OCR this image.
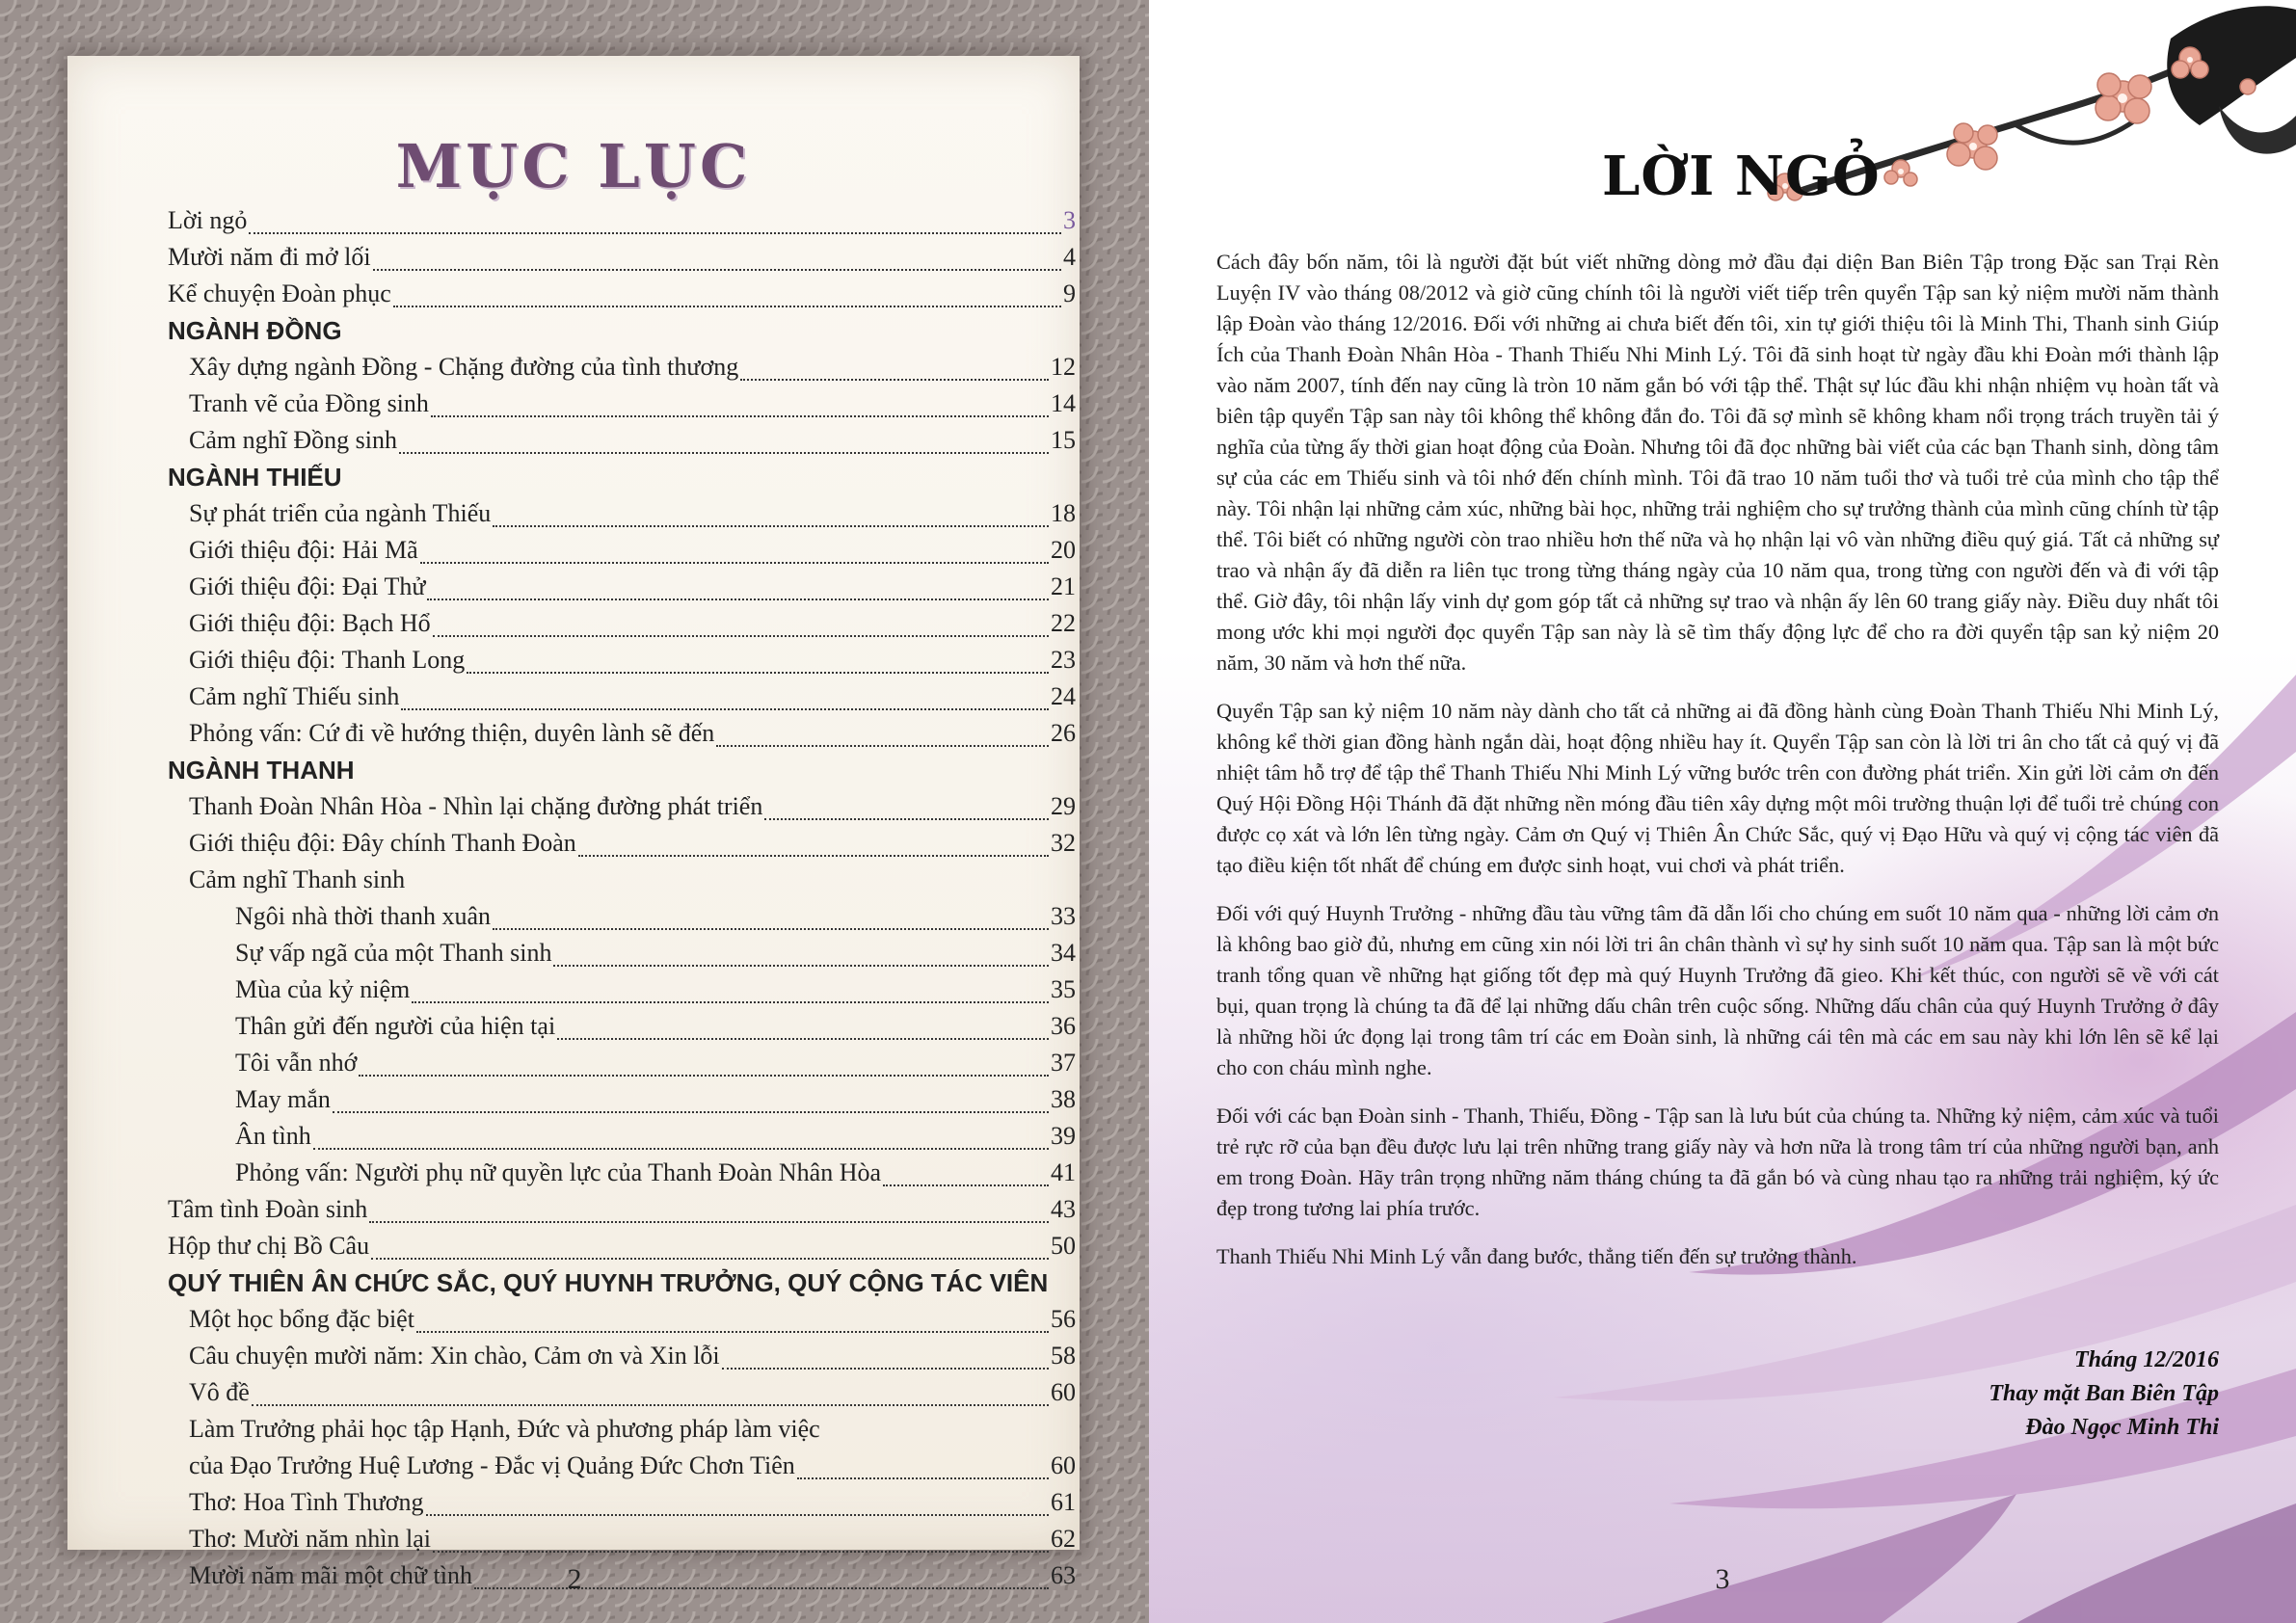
MỤC LỤC
Lời ngỏ	3
Mười năm đi mở lối	4
Kể chuyện Đoàn phục	9
NGÀNH ĐỒNG
Xây dựng ngành Đồng - Chặng đường của tình thương	12
Tranh vẽ của Đồng sinh	14
Cảm nghĩ Đồng sinh	15
NGÀNH THIẾU
Sự phát triển của ngành Thiếu	18
Giới thiệu đội: Hải Mã	20
Giới thiệu đội: Đại Thử	21
Giới thiệu đội: Bạch Hổ	22
Giới thiệu đội: Thanh Long	23
Cảm nghĩ Thiếu sinh	24
Phỏng vấn: Cứ đi về hướng thiện, duyên lành sẽ đến	26
NGÀNH THANH
Thanh Đoàn Nhân Hòa - Nhìn lại chặng đường phát triển	29
Giới thiệu đội: Đây chính Thanh Đoàn	32
Cảm nghĩ Thanh sinh
Ngôi nhà thời thanh xuân	33
Sự vấp ngã của một Thanh sinh	34
Mùa của kỷ niệm	35
Thân gửi đến người của hiện tại	36
Tôi vẫn nhớ	37
May mắn	38
Ân tình	39
Phỏng vấn: Người phụ nữ quyền lực của Thanh Đoàn Nhân Hòa	41
Tâm tình Đoàn sinh	43
Hộp thư chị Bồ Câu	50
QUÝ THIÊN ÂN CHỨC SẮC, QUÝ HUYNH TRƯỞNG, QUÝ CỘNG TÁC VIÊN
Một học bổng đặc biệt	56
Câu chuyện mười năm: Xin chào, Cảm ơn và Xin lỗi	58
Vô đề	60
Làm Trưởng phải học tập Hạnh, Đức và phương pháp làm việc
của Đạo Trưởng Huệ Lương - Đắc vị Quảng Đức Chơn Tiên	60
Thơ: Hoa Tình Thương	61
Thơ: Mười năm nhìn lại	62
Mười năm mãi một chữ tình	63
2
LỜI NGỎ

Cách đây bốn năm, tôi là người đặt bút viết những dòng mở đầu đại diện Ban Biên Tập trong Đặc san Trại Rèn Luyện IV vào tháng 08/2012 và giờ cũng chính tôi là người viết tiếp trên quyển Tập san kỷ niệm mười năm thành lập Đoàn vào tháng 12/2016. Đối với những ai chưa biết đến tôi, xin tự giới thiệu tôi là Minh Thi, Thanh sinh Giúp Ích của Thanh Đoàn Nhân Hòa - Thanh Thiếu Nhi Minh Lý. Tôi đã sinh hoạt từ ngày đầu khi Đoàn mới thành lập vào năm 2007, tính đến nay cũng là tròn 10 năm gắn bó với tập thể. Thật sự lúc đầu khi nhận nhiệm vụ hoàn tất và biên tập quyển Tập san này tôi không thể không đắn đo. Tôi đã sợ mình sẽ không kham nổi trọng trách truyền tải ý nghĩa của từng ấy thời gian hoạt động của Đoàn. Nhưng tôi đã đọc những bài viết của các bạn Thanh sinh, dòng tâm sự của các em Thiếu sinh và tôi nhớ đến chính mình. Tôi đã trao 10 năm tuổi thơ và tuổi trẻ của mình cho tập thể này. Tôi nhận lại những cảm xúc, những bài học, những trải nghiệm cho sự trưởng thành của mình cũng chính từ tập thể. Tôi biết có những người còn trao nhiều hơn thế nữa và họ nhận lại vô vàn những điều quý giá. Tất cả những sự trao và nhận ấy đã diễn ra liên tục trong từng tháng ngày của 10 năm qua, trong từng con người đến và đi với tập thể. Giờ đây, tôi nhận lấy vinh dự gom góp tất cả những sự trao và nhận ấy lên 60 trang giấy này. Điều duy nhất tôi mong ước khi mọi người đọc quyển Tập san này là sẽ tìm thấy động lực để cho ra đời quyển tập san kỷ niệm 20 năm, 30 năm và hơn thế nữa.

Quyển Tập san kỷ niệm 10 năm này dành cho tất cả những ai đã đồng hành cùng Đoàn Thanh Thiếu Nhi Minh Lý, không kể thời gian đồng hành ngắn dài, hoạt động nhiều hay ít. Quyển Tập san còn là lời tri ân cho tất cả quý vị đã nhiệt tâm hỗ trợ để tập thể Thanh Thiếu Nhi Minh Lý vững bước trên con đường phát triển. Xin gửi lời cảm ơn đến Quý Hội Đồng Hội Thánh đã đặt những nền móng đầu tiên xây dựng một môi trường thuận lợi để tuổi trẻ chúng con được cọ xát và lớn lên từng ngày. Cảm ơn Quý vị Thiên Ân Chức Sắc, quý vị Đạo Hữu và quý vị cộng tác viên đã tạo điều kiện tốt nhất để chúng em được sinh hoạt, vui chơi và phát triển.

Đối với quý Huynh Trưởng - những đầu tàu vững tâm đã dẫn lối cho chúng em suốt 10 năm qua - những lời cảm ơn là không bao giờ đủ, nhưng em cũng xin nói lời tri ân chân thành vì sự hy sinh suốt 10 năm qua. Tập san là một bức tranh tổng quan về những hạt giống tốt đẹp mà quý Huynh Trưởng đã gieo. Khi kết thúc, con người sẽ về với cát bụi, quan trọng là chúng ta đã để lại những dấu chân trên cuộc sống. Những dấu chân của quý Huynh Trưởng ở đây là những hồi ức đọng lại trong tâm trí các em Đoàn sinh, là những cái tên mà các em sau này khi lớn lên sẽ kể lại cho con cháu mình nghe.

Đối với các bạn Đoàn sinh - Thanh, Thiếu, Đồng - Tập san là lưu bút của chúng ta. Những kỷ niệm, cảm xúc và tuổi trẻ rực rỡ của bạn đều được lưu lại trên những trang giấy này và hơn nữa là trong tâm trí của những người bạn, anh em trong Đoàn. Hãy trân trọng những năm tháng chúng ta đã gắn bó và cùng nhau tạo ra những trải nghiệm, ký ức đẹp trong tương lai phía trước.

Thanh Thiếu Nhi Minh Lý vẫn đang bước, thẳng tiến đến sự trưởng thành.

Tháng 12/2016
Thay mặt Ban Biên Tập
Đào Ngọc Minh Thi
3
